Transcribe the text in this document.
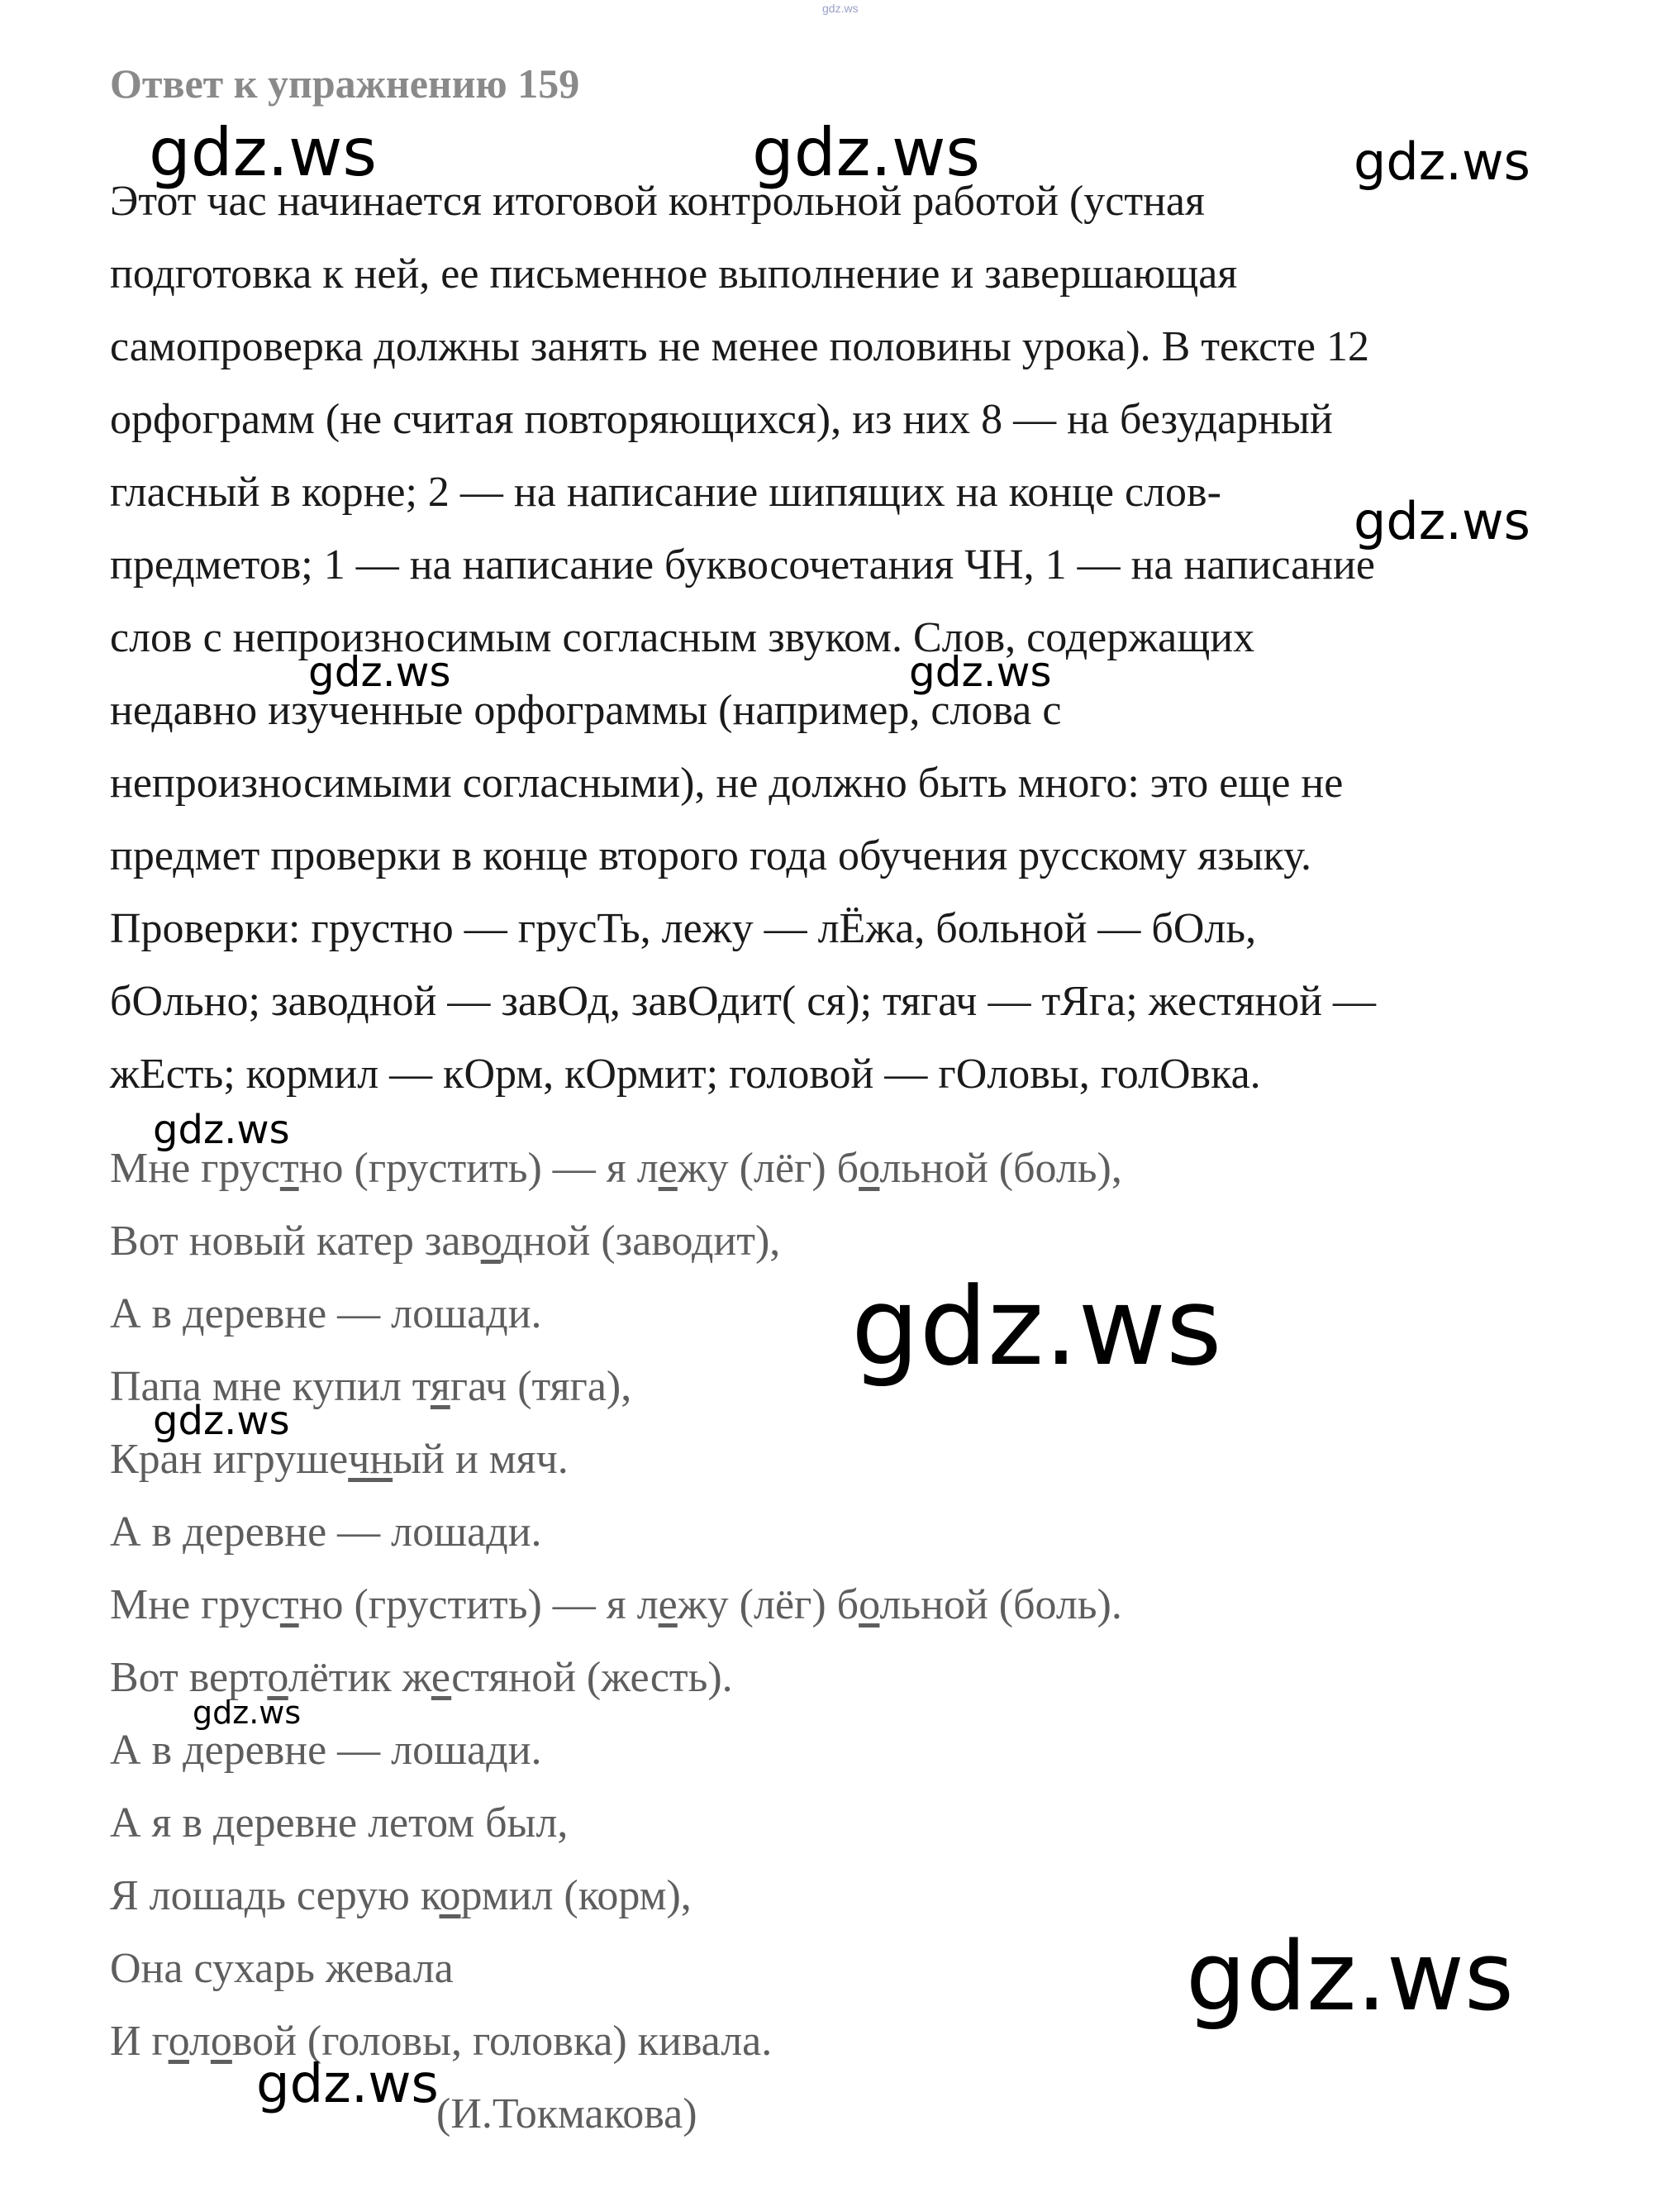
gdz.ws
Ответ к упражнению 159
Этот час начинается итоговой контрольной работой (устная
подготовка к ней, ее письменное выполнение и завершающая
самопроверка должны занять не менее половины урока). В тексте 12
орфограмм (не считая повторяющихся), из них 8 — на безударный
гласный в корне; 2 — на написание шипящих на конце слов-
предметов; 1 — на написание буквосочетания ЧН, 1 — на написание
слов с непроизносимым согласным звуком. Слов, содержащих
недавно изученные орфограммы (например, слова с
непроизносимыми согласными), не должно быть много: это еще не
предмет проверки в конце второго года обучения русскому языку.
Проверки: грустно — грусТь, лежу — лЁжа, больной — бОль,
бОльно; заводной — завОд, завОдит( ся); тягач — тЯга; жестяной —
жЕсть; кормил — кОрм, кОрмит; головой — гОловы, голОвка.
Мне грустно (грустить) — я лежу (лёг) больной (боль),
Вот новый катер заводной (заводит),
А в деревне — лошади.
Папа мне купил тягач (тяга),
Кран игрушeчный и мяч.
А в деревне — лошади.
Мне грустно (грустить) — я лежу (лёг) больной (боль).
Вот вертолётик жестяной (жесть).
А в деревне — лошади.
А я в деревне летом был,
Я лошадь серую кормил (корм),
Она сухарь жевала
И головой (головы, головка) кивала.
(И.Токмакова)
gdz.ws	gdz.ws	gdz.ws
gdz.ws
gdz.ws	gdz.ws
gdz.ws
gdz.ws
gdz.ws
gdz.ws
gdz.ws
gdz.ws
